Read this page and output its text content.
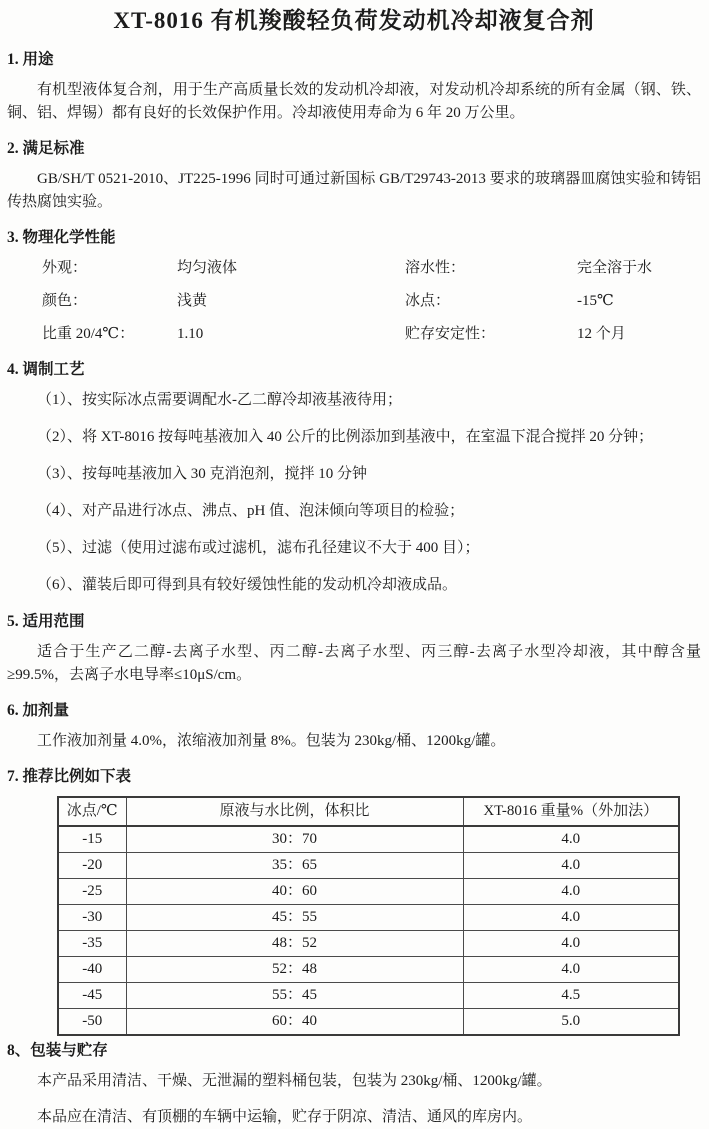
XT-8016 有机羧酸轻负荷发动机冷却液复合剂
1. 用途

有机型液体复合剂，用于生产高质量长效的发动机冷却液，对发动机冷却系统的所有金属（钢、铁、铜、铝、焊锡）都有良好的长效保护作用。冷却液使用寿命为 6 年 20 万公里。

2. 满足标准

GB/SH/T 0521-2010、JT225-1996 同时可通过新国标 GB/T29743-2013 要求的玻璃器皿腐蚀实验和铸铝传热腐蚀实验。

3. 物理化学性能
外观：	均匀液体	溶水性：	完全溶于水
颜色：	浅黄	冰点：	-15℃
比重 20/4℃：	1.10	贮存安定性：	12 个月
4. 调制工艺

（1）、按实际冰点需要调配水-乙二醇冷却液基液待用；

（2）、将 XT-8016 按每吨基液加入 40 公斤的比例添加到基液中，在室温下混合搅拌 20 分钟；

（3）、按每吨基液加入 30 克消泡剂，搅拌 10 分钟

（4）、对产品进行冰点、沸点、pH 值、泡沫倾向等项目的检验；

（5）、过滤（使用过滤布或过滤机，滤布孔径建议不大于 400 目）；

（6）、灌装后即可得到具有较好缓蚀性能的发动机冷却液成品。

5. 适用范围

适合于生产乙二醇-去离子水型、丙二醇-去离子水型、丙三醇-去离子水型冷却液，其中醇含量≥99.5%，去离子水电导率≤10μS/cm。

6. 加剂量

工作液加剂量 4.0%，浓缩液加剂量 8%。包装为 230kg/桶、1200kg/罐。

7. 推荐比例如下表
冰点/℃	原液与水比例，体积比	XT-8016 重量%（外加法）
-15	30：70	4.0
-20	35：65	4.0
-25	40：60	4.0
-30	45：55	4.0
-35	48：52	4.0
-40	52：48	4.0
-45	55：45	4.5
-50	60：40	5.0
8、包装与贮存

本产品采用清洁、干燥、无泄漏的塑料桶包装，包装为 230kg/桶、1200kg/罐。

本品应在清洁、有顶棚的车辆中运输，贮存于阴凉、清洁、通风的库房内。
